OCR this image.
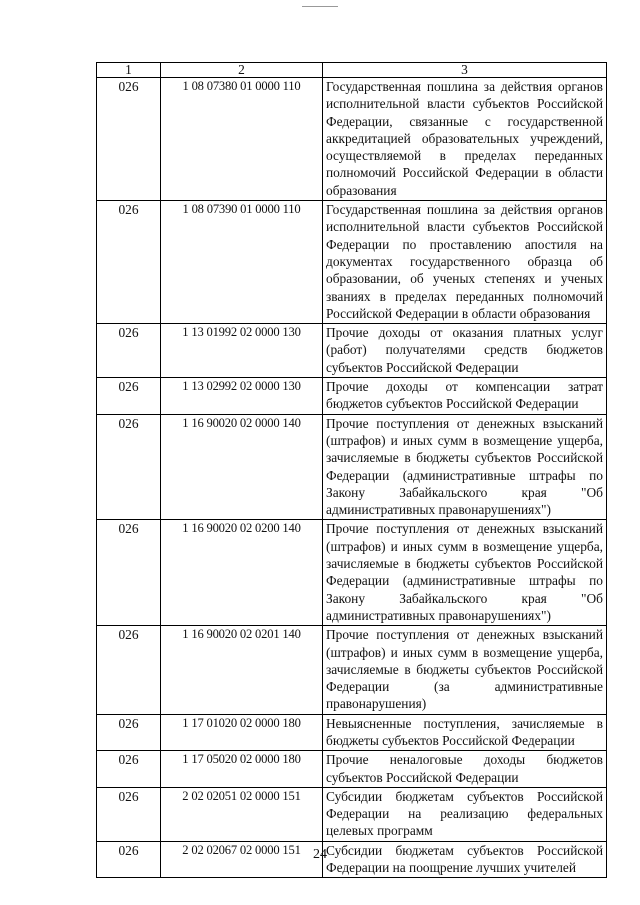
1	2	3
026	1 08 07380 01 0000 110	Государственная пошлина за действия органов исполнительной власти субъектов Российской Федерации, связанные с государственной аккредитацией образовательных учреждений, осуществляемой в пределах переданных полномочий Российской Федерации в области образования
026	1 08 07390 01 0000 110	Государственная пошлина за действия органов исполнительной власти субъектов Российской Федерации по проставлению апостиля на документах государственного образца об образовании, об ученых степенях и ученых званиях в пределах переданных полномочий Российской Федерации в области образования
026	1 13 01992 02 0000 130	Прочие доходы от оказания платных услуг (работ) получателями средств бюджетов субъектов Российской Федерации
026	1 13 02992 02 0000 130	Прочие доходы от компенсации затрат бюджетов субъектов Российской Федерации
026	1 16 90020 02 0000 140	Прочие поступления от денежных взысканий (штрафов) и иных сумм в возмещение ущерба, зачисляемые в бюджеты субъектов Российской Федерации (административные штрафы по Закону Забайкальского края "Об административных правонарушениях")
026	1 16 90020 02 0200 140	Прочие поступления от денежных взысканий (штрафов) и иных сумм в возмещение ущерба, зачисляемые в бюджеты субъектов Российской Федерации (административные штрафы по Закону Забайкальского края "Об административных правонарушениях")
026	1 16 90020 02 0201 140	Прочие поступления от денежных взысканий (штрафов) и иных сумм в возмещение ущерба, зачисляемые в бюджеты субъектов Российской Федерации (за административные правонарушения)
026	1 17 01020 02 0000 180	Невыясненные поступления, зачисляемые в бюджеты субъектов Российской Федерации
026	1 17 05020 02 0000 180	Прочие неналоговые доходы бюджетов субъектов Российской Федерации
026	2 02 02051 02 0000 151	Субсидии бюджетам субъектов Российской Федерации на реализацию федеральных целевых программ
026	2 02 02067 02 0000 151	Субсидии бюджетам субъектов Российской Федерации на поощрение лучших учителей
24
